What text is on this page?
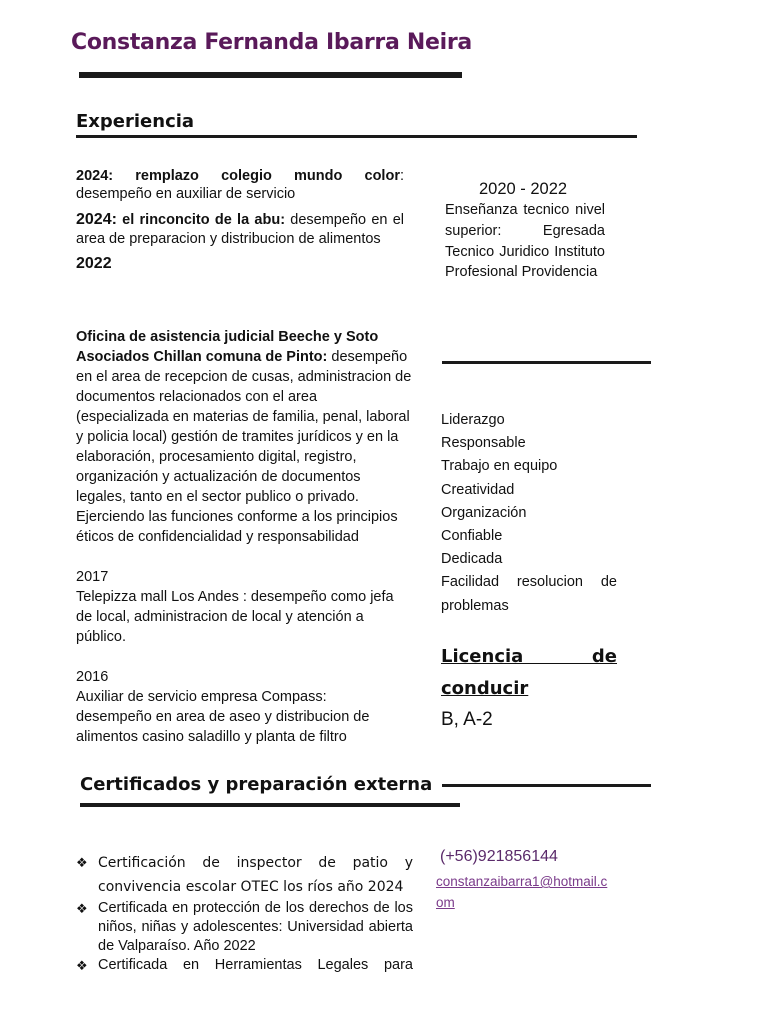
Constanza Fernanda Ibarra Neira
Experiencia

2024: remplazo colegio mundo color: desempeño en auxiliar de servicio

2024: el rinconcito de la abu: desempeño en el area de preparacion y distribucion de alimentos

2022

Oficina de asistencia judicial Beeche y Soto Asociados Chillan comuna de Pinto: desempeño en el area de recepcion de cusas, administracion de documentos relacionados con el area (especializada en materias de familia, penal, laboral y policia local) gestión de tramites jurídicos y en la elaboración, procesamiento digital, registro, organización y actualización de documentos legales, tanto en el sector publico o privado. Ejerciendo las funciones conforme a los principios éticos de confidencialidad y responsabilidad

2017

Telepizza mall Los Andes : desempeño como jefa de local, administracion de local y atención a público.

2016

Auxiliar de servicio empresa Compass: desempeño en area de aseo y distribucion de alimentos casino saladillo y planta de filtro

2020 - 2022
Enseñanza tecnico nivel superior: Egresada Tecnico Juridico Instituto Profesional Providencia
Liderazgo
Responsable
Trabajo en equipo
Creatividad
Organización
Confiable
Dedicada
Facilidad resolucion de problemas
Licencia de conducir
B, A-2
Certificados y preparación externa
❖ Certificación de inspector de patio y convivencia escolar OTEC los ríos año 2024
❖ Certificada en protección de los derechos de los niños, niñas y adolescentes: Universidad abierta de Valparaíso. Año 2022
❖ Certificada en Herramientas Legales para
(+56)921856144
constanzaibarra1@hotmail.c
om
